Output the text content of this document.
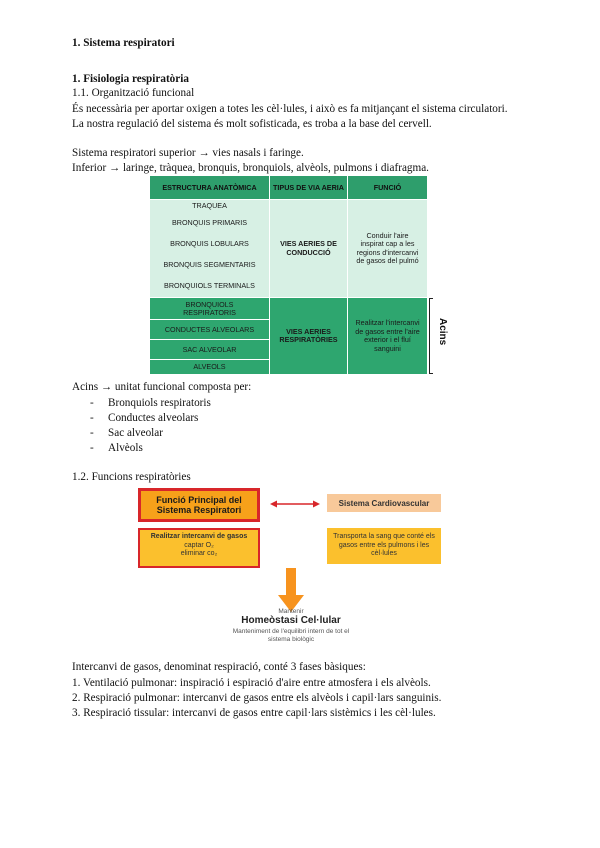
1. Sistema respiratori
1. Fisiologia respiratòria
1.1. Organització funcional
És necessària per aportar oxigen a totes les cèl·lules, i això es fa mitjançant el sistema circulatori.
La nostra regulació del sistema és molt sofisticada, es troba a la base del cervell.
Sistema respiratori superior → vies nasals i faringe.
Inferior → laringe, tràquea, bronquis, bronquiols, alvèols, pulmons i diafragma.
ESTRUCTURA ANATÒMICA	TIPUS DE VIA AERIA	FUNCIÓ
TRAQUEA
BRONQUIS PRIMARIS
BRONQUIS LOBULARS
BRONQUIS SEGMENTARIS
BRONQUIOLS TERMINALS
VIES AERIES DE CONDUCCIÓ
Conduir l'aire inspirat cap a les regions d'intercanvi de gasos del pulmó
BRONQUIOLS RESPIRATORIS
CONDUCTES ALVEOLARS
SAC ALVEOLAR
ALVEOLS
VIES AERIES RESPIRATÒRIES
Realitzar l'intercanvi de gasos entre l'aire exterior i el fluí sanguini
Acins
Acins → unitat funcional composta per:
- Bronquiols respiratoris
- Conductes alveolars
- Sac alveolar
- Alvèols
1.2. Funcions respiratòries
Funció Principal del Sistema Respiratori
Sistema Cardiovascular
Realitzar intercanvi de gasos
captar O₂
eliminar co₂
Transporta la sang que conté els gasos entre els pulmons i les cèl·lules
Mantenir
Homeòstasi Cel·lular
Manteniment de l'equilibri intern de tot el sistema biològic
Intercanvi de gasos, denominat respiració, conté 3 fases bàsiques:
1. Ventilació pulmonar: inspiració i espiració d'aire entre atmosfera i els alvèols.
2. Respiració pulmonar: intercanvi de gasos entre els alvèols i capil·lars sanguinis.
3. Respiració tissular: intercanvi de gasos entre capil·lars sistèmics i les cèl·lules.
